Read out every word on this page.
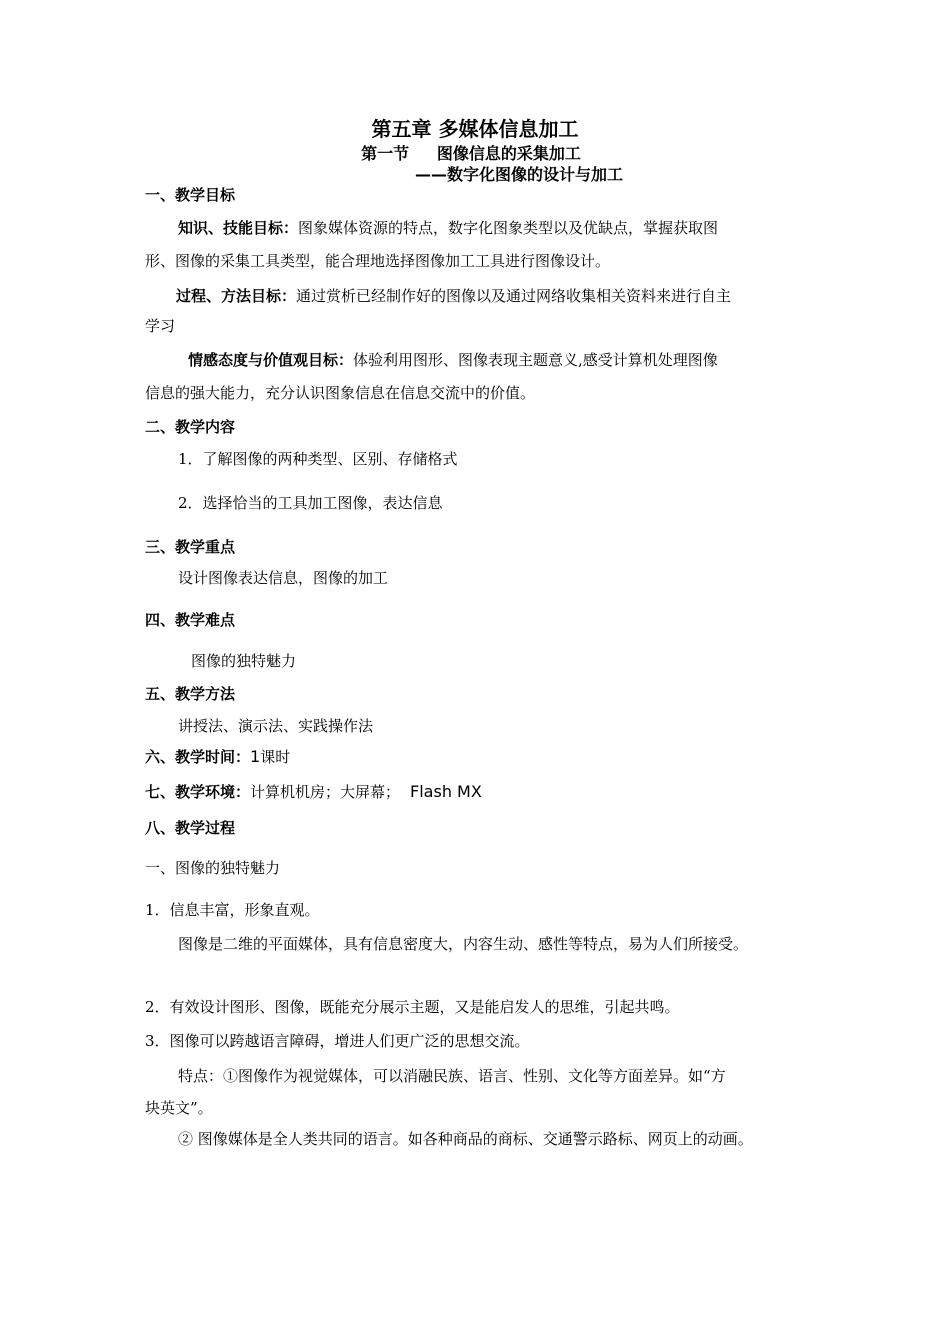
第五章 多媒体信息加工
第一节     图像信息的采集加工
——数字化图像的设计与加工
一、教学目标
知识、技能目标：图象媒体资源的特点，数字化图象类型以及优缺点，掌握获取图
形、图像的采集工具类型，能合理地选择图像加工工具进行图像设计。
过程、方法目标：通过赏析已经制作好的图像以及通过网络收集相关资料来进行自主
学习
情感态度与价值观目标：体验利用图形、图像表现主题意义,感受计算机处理图像
信息的强大能力，充分认识图象信息在信息交流中的价值。
二、教学内容
1．了解图像的两种类型、区别、存储格式
2．选择恰当的工具加工图像，表达信息
三、教学重点
设计图像表达信息，图像的加工
四、教学难点
图像的独特魅力
五、教学方法
讲授法、演示法、实践操作法
六、教学时间：1课时
七、教学环境：计算机机房；大屏幕； Flash MX
八、教学过程
一、图像的独特魅力
1．信息丰富，形象直观。
图像是二维的平面媒体，具有信息密度大，内容生动、感性等特点，易为人们所接受。
2．有效设计图形、图像，既能充分展示主题，又是能启发人的思维，引起共鸣。
3．图像可以跨越语言障碍，增进人们更广泛的思想交流。
特点：①图像作为视觉媒体，可以消融民族、语言、性别、文化等方面差异。如“方
块英文”。
② 图像媒体是全人类共同的语言。如各种商品的商标、交通警示路标、网页上的动画。
